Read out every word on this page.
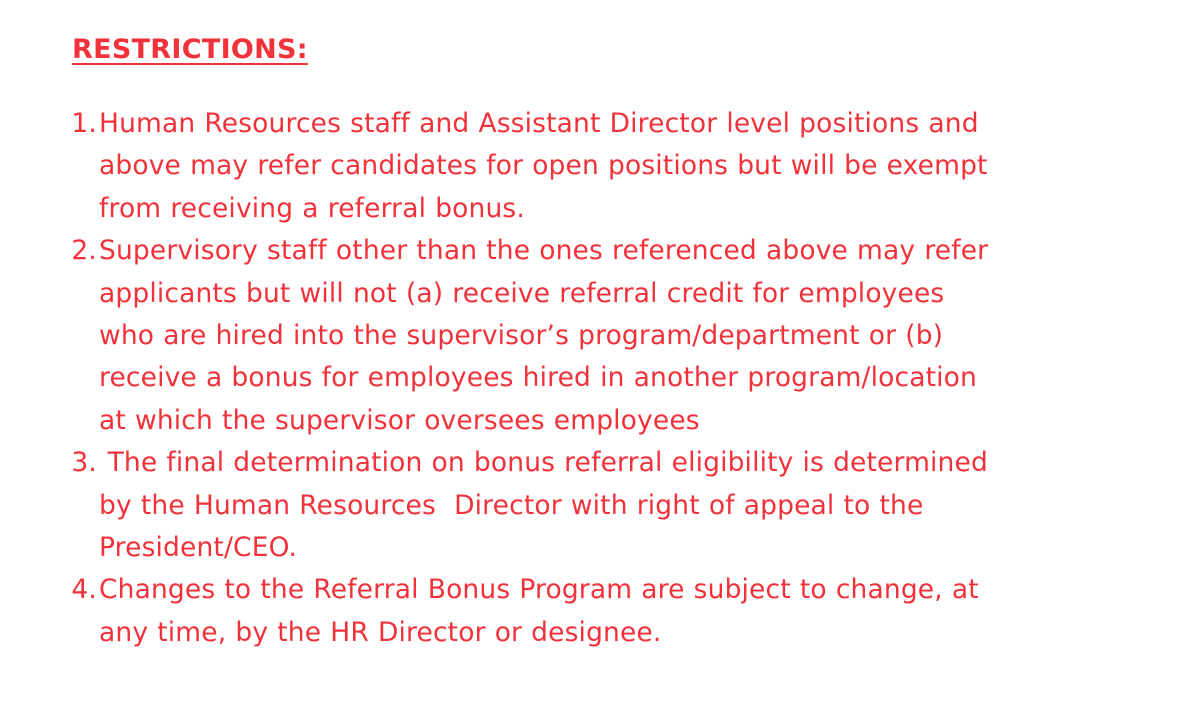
RESTRICTIONS:
1. Human Resources staff and Assistant Director level positions and
above may refer candidates for open positions but will be exempt
from receiving a referral bonus.
2. Supervisory staff other than the ones referenced above may refer
applicants but will not (a) receive referral credit for employees
who are hired into the supervisor’s program/department or (b)
receive a bonus for employees hired in another program/location
at which the supervisor oversees employees
3. The final determination on bonus referral eligibility is determined
by the Human Resources  Director with right of appeal to the
President/CEO.
4. Changes to the Referral Bonus Program are subject to change, at
any time, by the HR Director or designee.
